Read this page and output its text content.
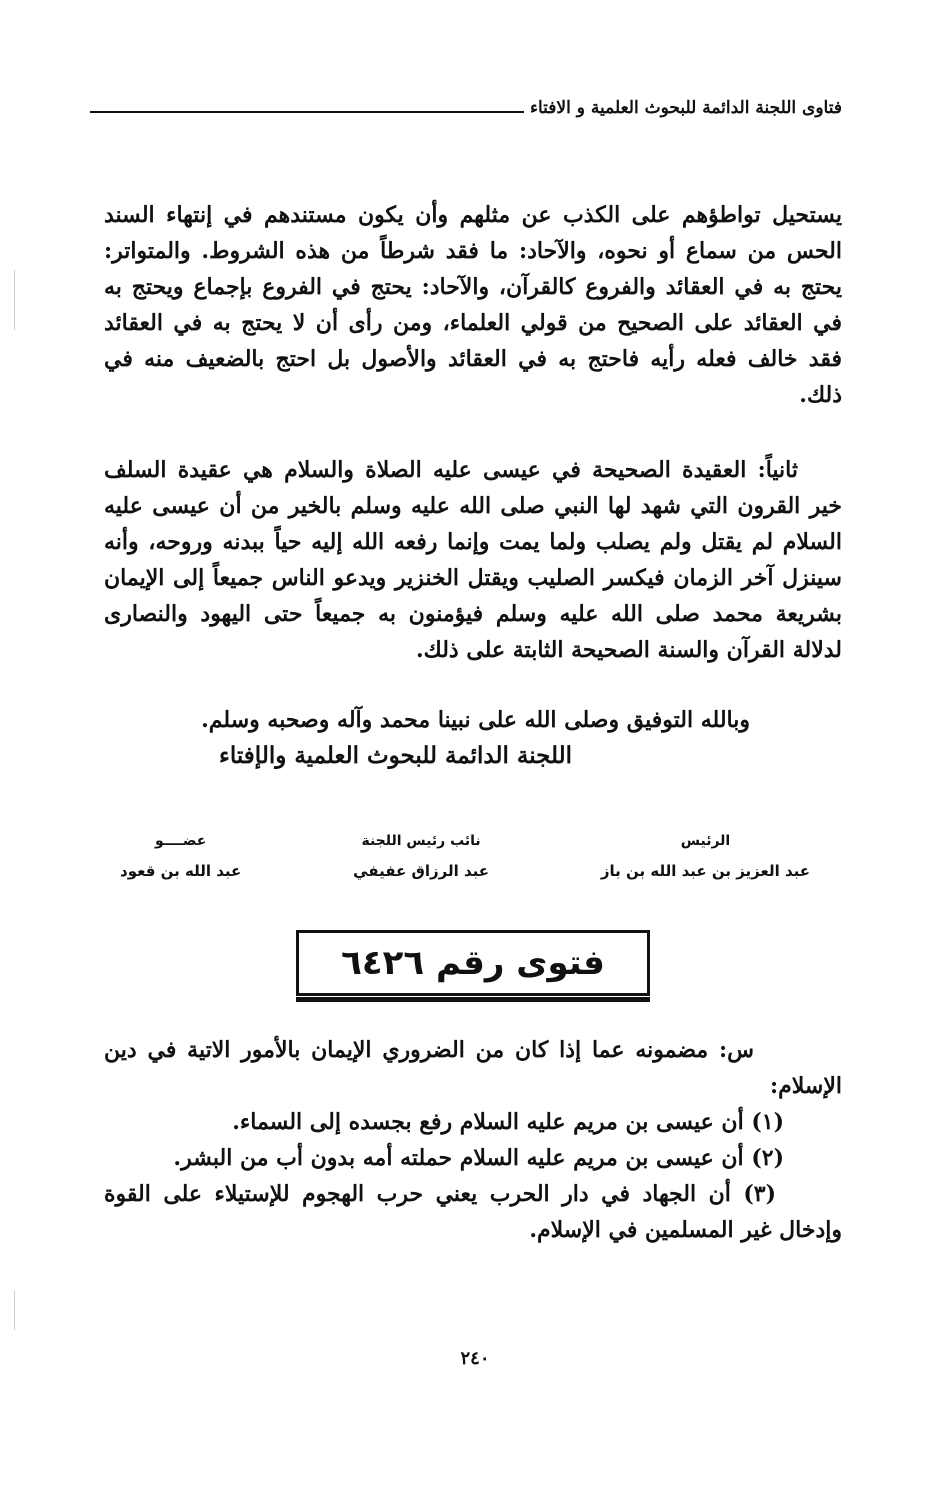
فتاوى اللجنة الدائمة للبحوث العلمية و الافتاء

يستحيل تواطؤهم على الكذب عن مثلهم وأن يكون مستندهم في إنتهاء السند الحس من سماع أو نحوه، والآحاد: ما فقد شرطاً من هذه الشروط. والمتواتر: يحتج به في العقائد والفروع كالقرآن، والآحاد: يحتج في الفروع بإجماع ويحتج به في العقائد على الصحيح من قولي العلماء، ومن رأى أن لا يحتج به في العقائد فقد خالف فعله رأيه فاحتج به في العقائد والأصول بل احتج بالضعيف منه في ذلك.

  ثانياً: العقيدة الصحيحة في عيسى عليه الصلاة والسلام هي عقيدة السلف خير القرون التي شهد لها النبي صلى الله عليه وسلم بالخير من أن عيسى عليه السلام لم يقتل ولم يصلب ولما يمت وإنما رفعه الله إليه حياً ببدنه وروحه، وأنه سينزل آخر الزمان فيكسر الصليب ويقتل الخنزير ويدعو الناس جميعاً إلى الإيمان بشريعة محمد صلى الله عليه وسلم فيؤمنون به جميعاً حتى اليهود والنصارى لدلالة القرآن والسنة الصحيحة الثابتة على ذلك.

وبالله التوفيق وصلى الله على نبينا محمد وآله وصحبه وسلم.
اللجنة الدائمة للبحوث العلمية والإفتاء
الرئيس
عبد العزيز بن عبد الله بن باز
نائب رئيس اللجنة
عبد الرزاق عفيفي
عضــــو
عبد الله بن قعود
فتوى رقم ٦٤٢٦

    س: مضمونه عما إذا كان من الضروري الإيمان بالأمور الاتية في دين الإسلام:

(١) أن عيسى بن مريم عليه السلام رفع بجسده إلى السماء.

(٢) أن عيسى بن مريم عليه السلام حملته أمه بدون أب من البشر.

   (٣) أن الجهاد في دار الحرب يعني حرب الهجوم للإستيلاء على القوة وإدخال غير المسلمين في الإسلام.

٢٤٠
